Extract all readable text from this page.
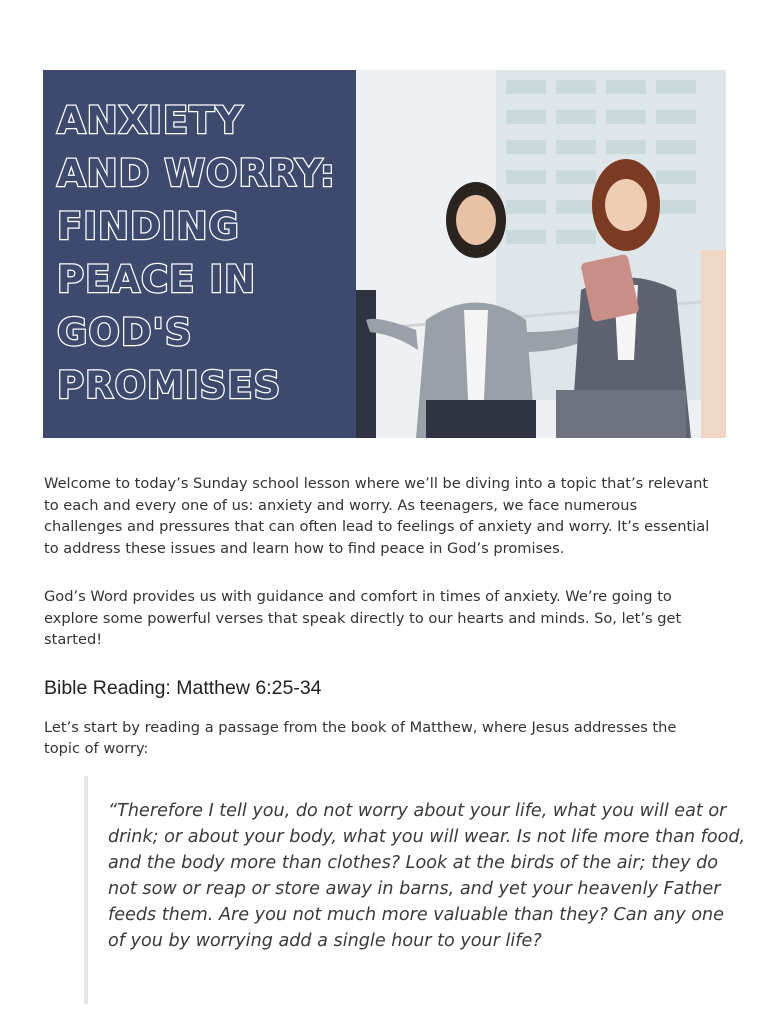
ANXIETY AND WORRY: FINDING PEACE IN GOD'S PROMISES

Welcome to today’s Sunday school lesson where we’ll be diving into a topic that’s relevant to each and every one of us: anxiety and worry. As teenagers, we face numerous challenges and pressures that can often lead to feelings of anxiety and worry. It’s essential to address these issues and learn how to find peace in God’s promises.

God’s Word provides us with guidance and comfort in times of anxiety. We’re going to explore some powerful verses that speak directly to our hearts and minds. So, let’s get started!

Bible Reading: Matthew 6:25-34

Let’s start by reading a passage from the book of Matthew, where Jesus addresses the topic of worry:

“Therefore I tell you, do not worry about your life, what you will eat or drink; or about your body, what you will wear. Is not life more than food, and the body more than clothes? Look at the birds of the air; they do not sow or reap or store away in barns, and yet your heavenly Father feeds them. Are you not much more valuable than they? Can any one of you by worrying add a single hour to your life?
